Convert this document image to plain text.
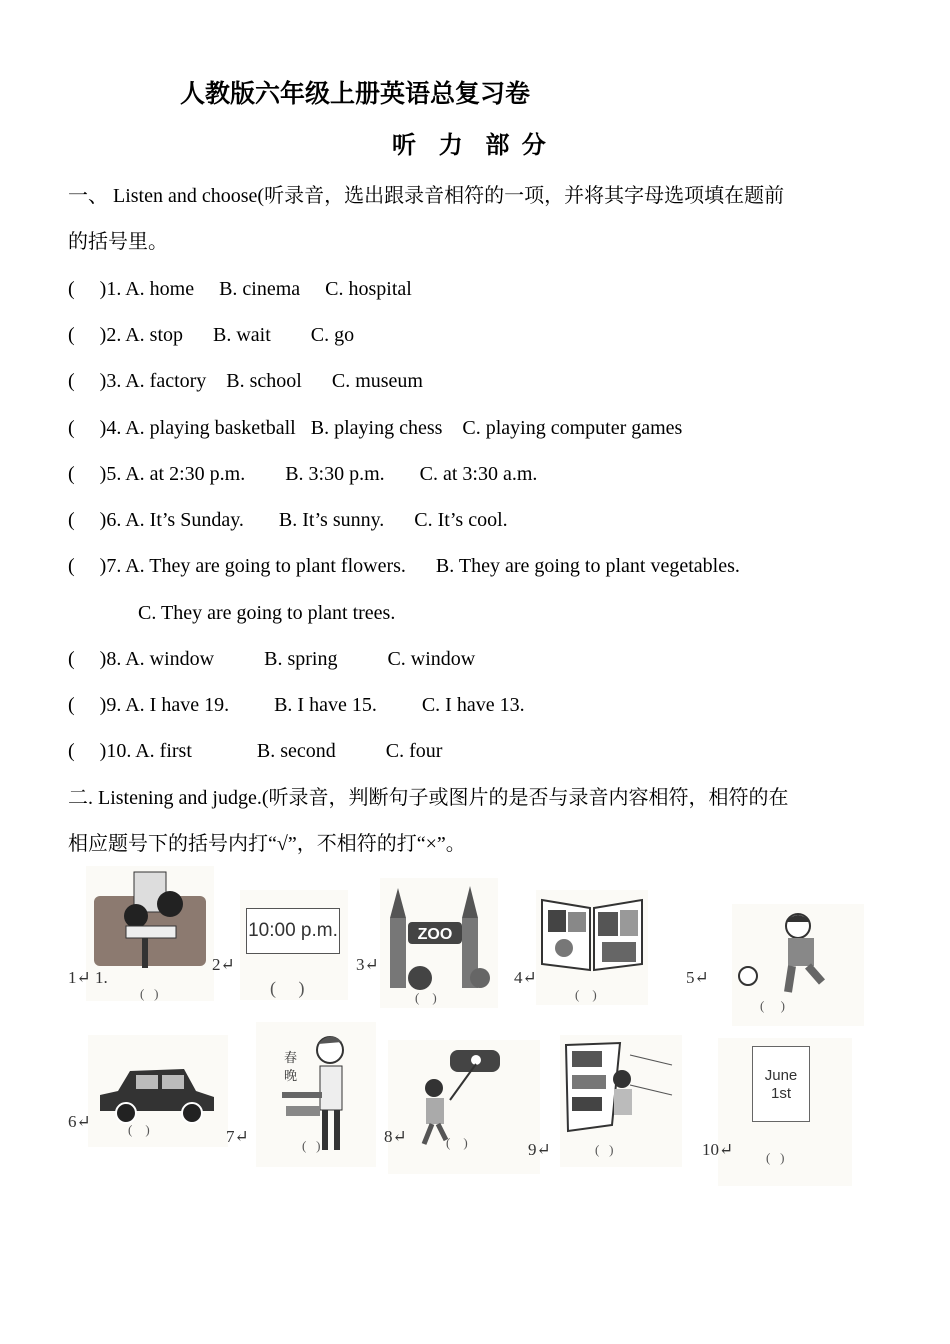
人教版六年级上册英语总复习卷
听  力  部 分
一、 Listen and choose(听录音，选出跟录音相符的一项，并将其字母选项填在题前
的括号里。
(     )1. A. home     B. cinema     C. hospital
(     )2. A. stop      B. wait        C. go
(     )3. A. factory    B. school      C. museum
(     )4. A. playing basketball   B. playing chess    C. playing computer games
(     )5. A. at 2:30 p.m.        B. 3:30 p.m.       C. at 3:30 a.m.
(     )6. A. It’s Sunday.       B. It’s sunny.      C. It’s cool.
(     )7. A. They are going to plant flowers.      B. They are going to plant vegetables.
C. They are going to plant trees.
(     )8. A. window          B. spring          C. window
(     )9. A. I have 19.         B. I have 15.         C. I have 13.
(     )10. A. first             B. second          C. four
二. Listening and judge.(听录音，判断句子或图片的是否与录音内容相符，相符的在
相应题号下的括号内打“√”，不相符的打“×”。
1↵ 1.
(   )
10:00 p.m.
2↵
(     )
ZOO
3↵
(    )
4↵
(    )
5↵
(     )
6↵	(    )
春
晚
7↵	(   )	8↵	(    )	9↵	(   )
June 1st
10↵	(   )
